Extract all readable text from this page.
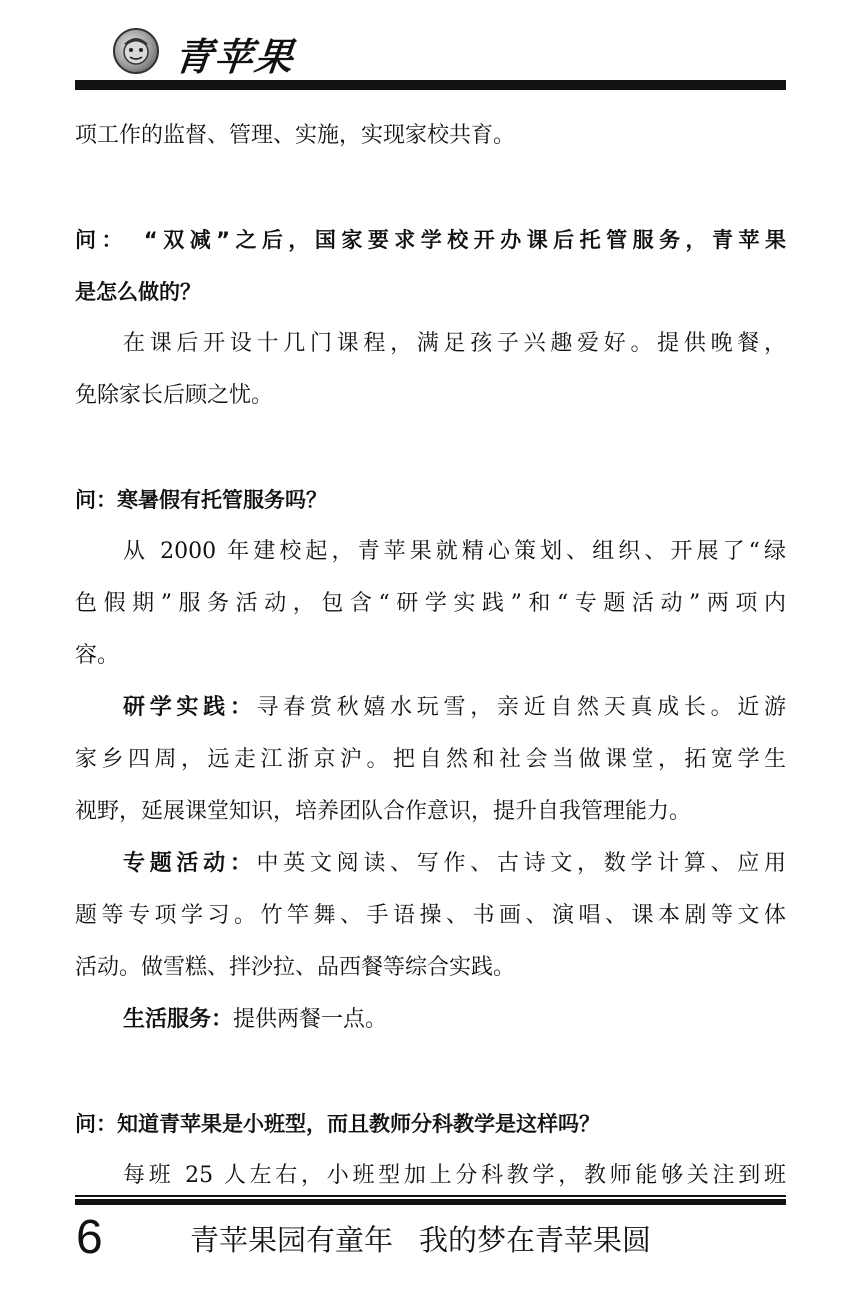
青苹果
项工作的监督、管理、实施，实现家校共育。
问：　“双减”之后，国家要求学校开办课后托管服务，青苹果
是怎么做的？
在课后开设十几门课程，满足孩子兴趣爱好。提供晚餐，
免除家长后顾之忧。
问：寒暑假有托管服务吗？
从 2000 年建校起，青苹果就精心策划、组织、开展了“绿
色假期”服务活动，包含“研学实践”和“专题活动”两项内
容。
研学实践：寻春赏秋嬉水玩雪，亲近自然天真成长。近游
家乡四周，远走江浙京沪。把自然和社会当做课堂，拓宽学生
视野，延展课堂知识，培养团队合作意识，提升自我管理能力。
专题活动：中英文阅读、写作、古诗文，数学计算、应用
题等专项学习。竹竿舞、手语操、书画、演唱、课本剧等文体
活动。做雪糕、拌沙拉、品西餐等综合实践。
生活服务：提供两餐一点。
问：知道青苹果是小班型，而且教师分科教学是这样吗？
每班 25 人左右，小班型加上分科教学，教师能够关注到班
6	青苹果园有童年 我的梦在青苹果圆
